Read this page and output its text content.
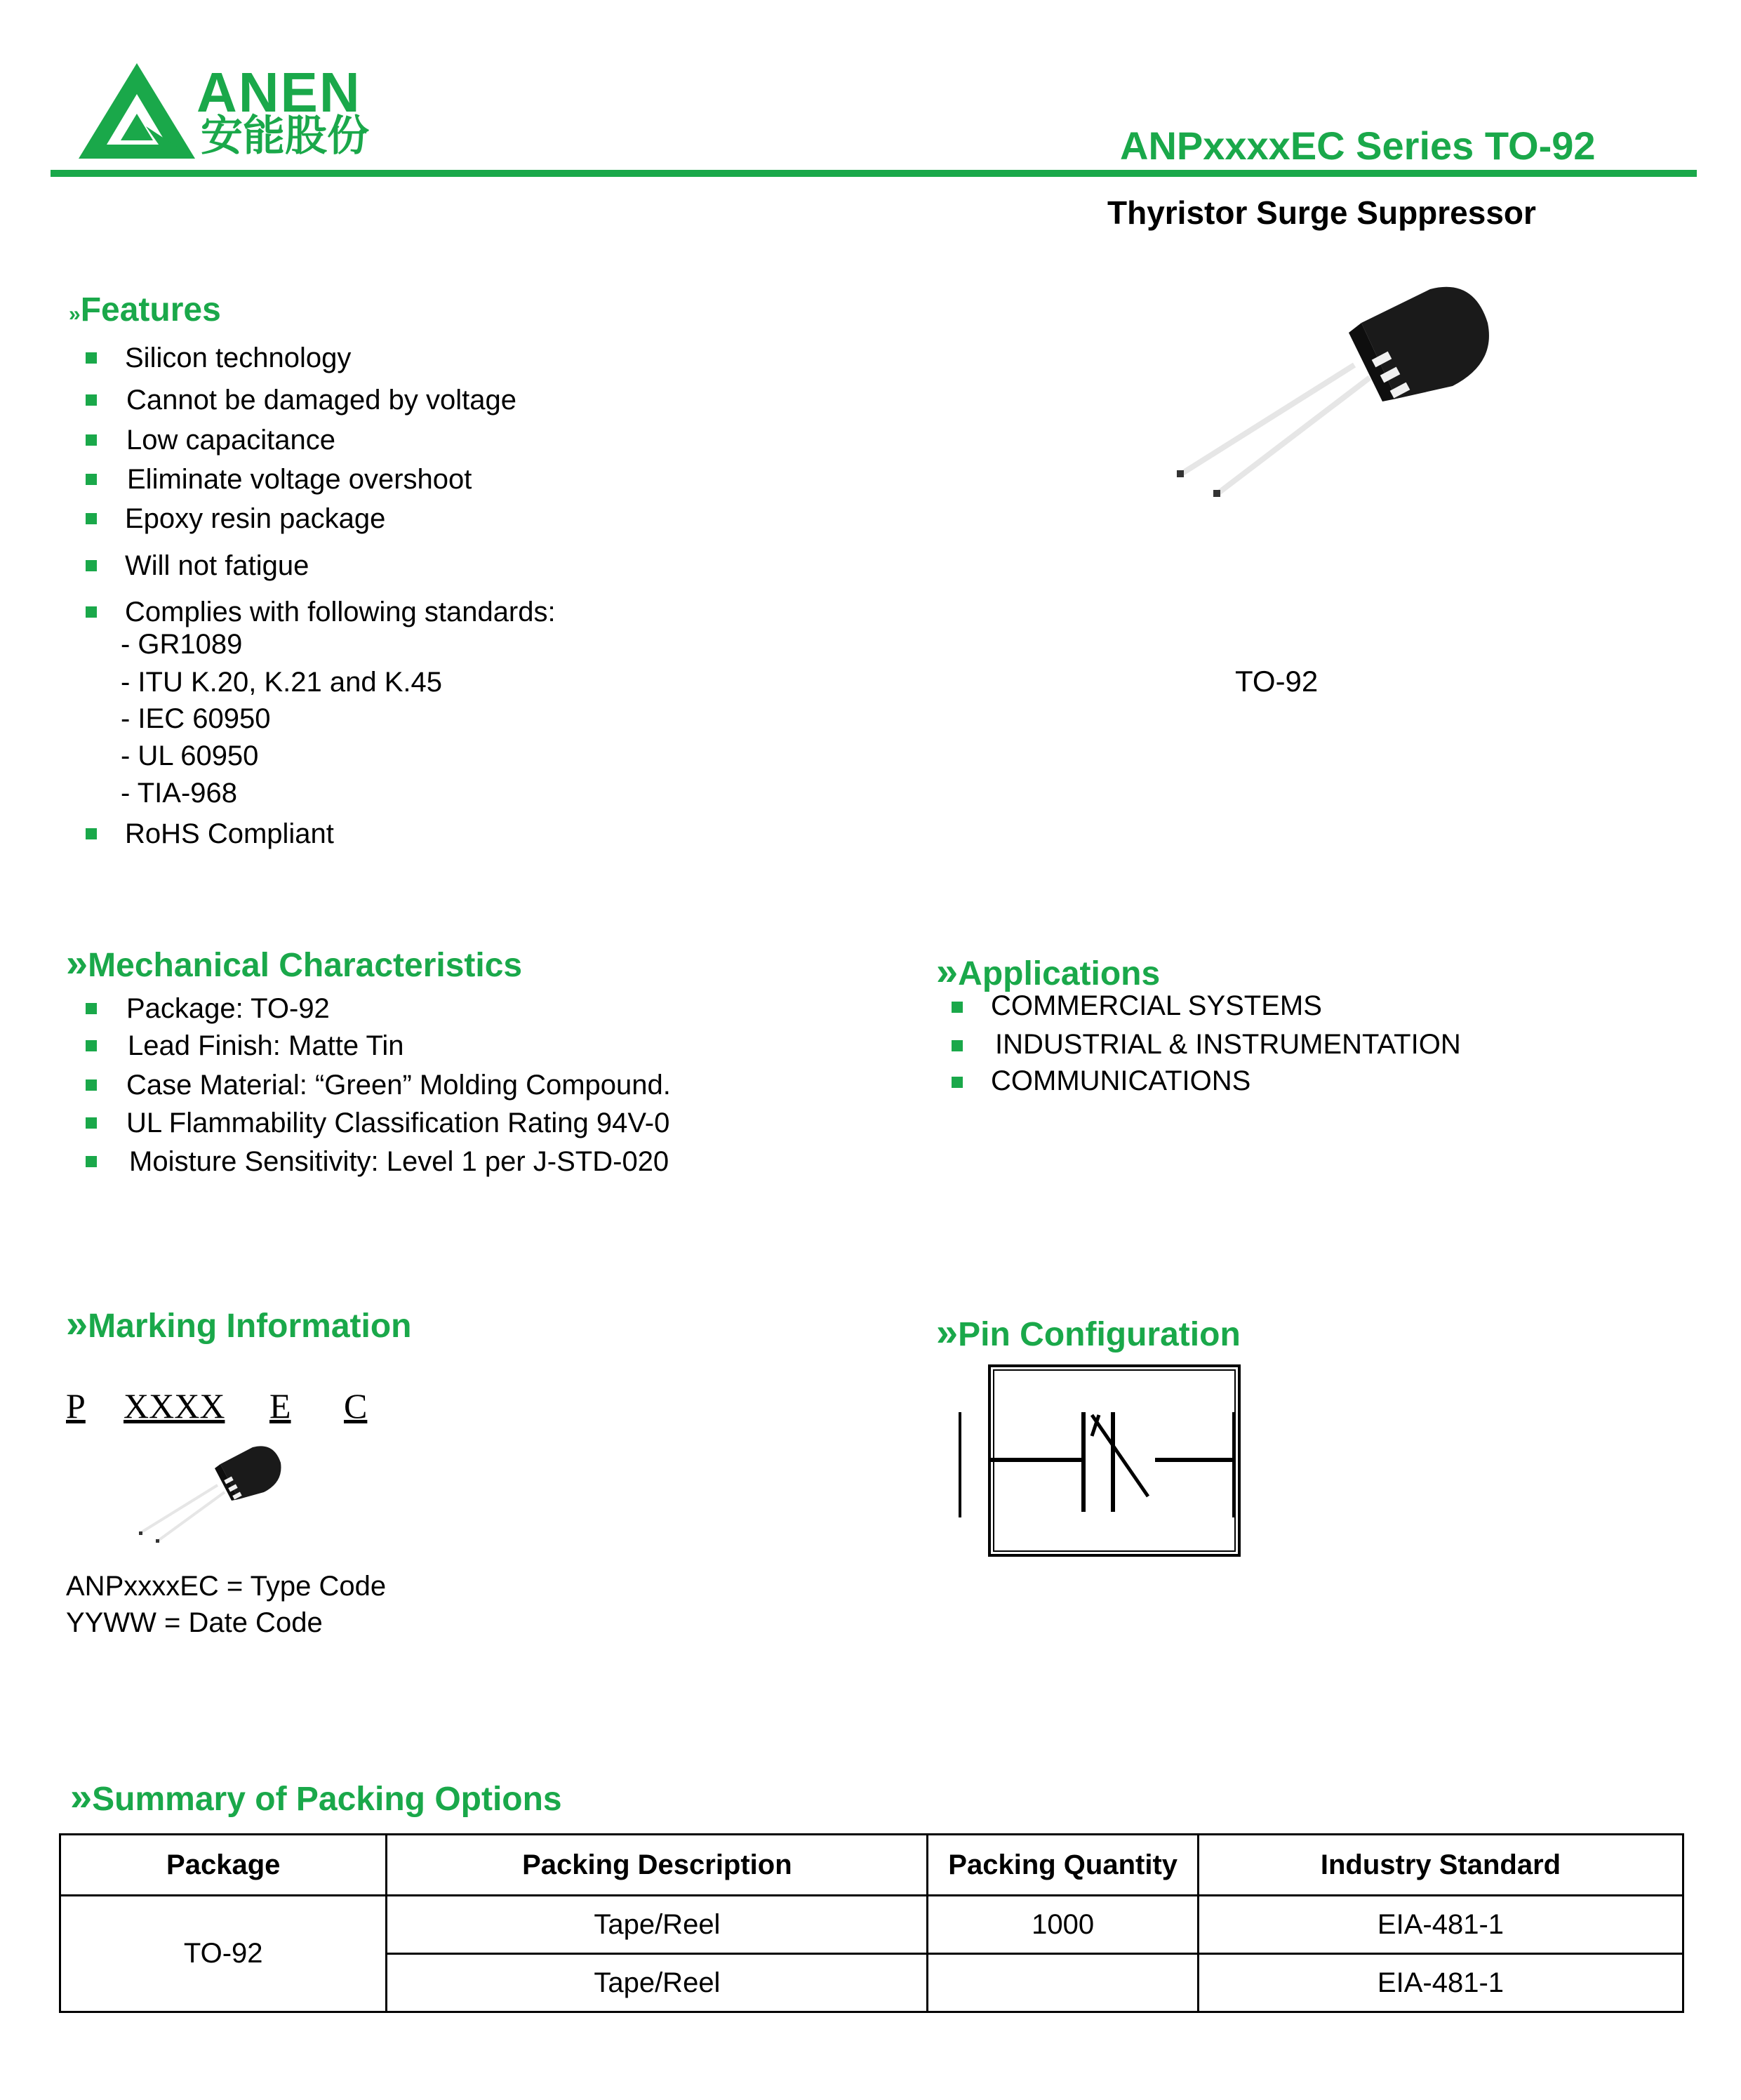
ANEN
安能股份	ANPxxxxEC Series TO-92
Thyristor Surge Suppressor
»Features
Silicon technology
Cannot be damaged by voltage
Low capacitance
Eliminate voltage overshoot
Epoxy resin package
Will not fatigue
Complies with following standards:
- GR1089
- ITU K.20, K.21 and K.45
- IEC 60950
- UL 60950
- TIA-968
RoHS Compliant
TO-92
»Mechanical Characteristics
Package: TO-92
Lead Finish: Matte Tin
Case Material: “Green” Molding Compound.
UL Flammability Classification Rating 94V-0
Moisture Sensitivity: Level 1 per J-STD-020
»Applications
COMMERCIAL SYSTEMS
INDUSTRIAL & INSTRUMENTATION
COMMUNICATIONS
»Marking Information
P XXXX E C
ANPxxxxEC = Type Code
YYWW = Date Code
»Pin Configuration
»Summary of Packing Options
Package	Packing Description	Packing Quantity	Industry Standard
TO-92	Tape/Reel	1000	EIA-481-1
	Tape/Reel		EIA-481-1
